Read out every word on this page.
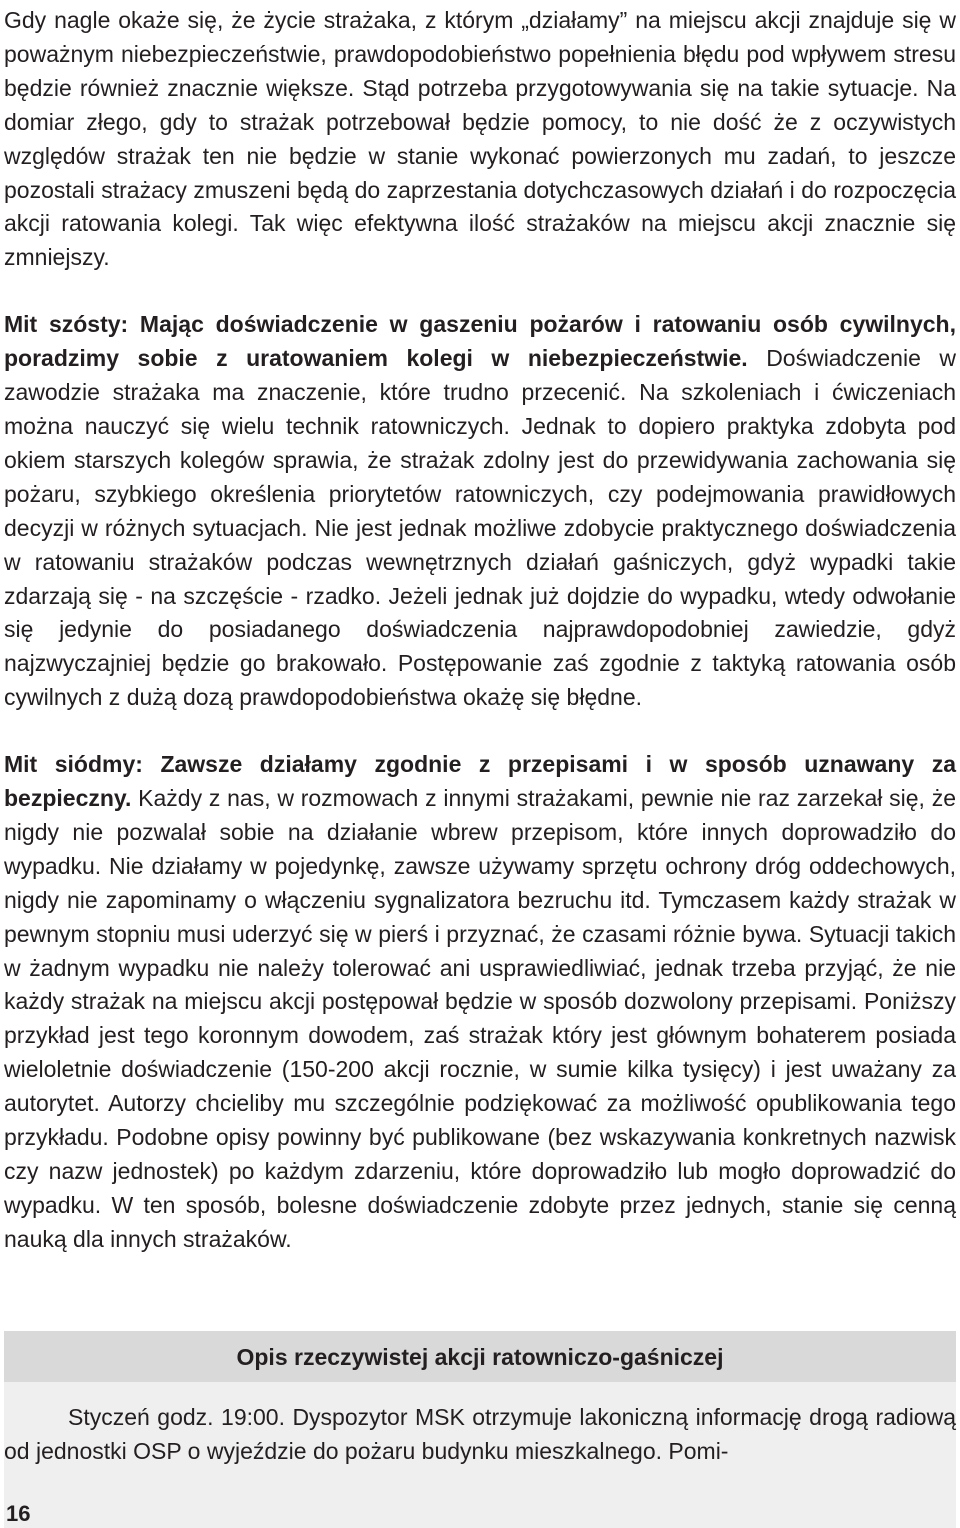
Gdy nagle okaże się, że życie strażaka, z którym „działamy” na miejscu akcji znajduje się w poważnym niebezpieczeństwie, prawdopodobieństwo popełnienia błędu pod wpływem stresu będzie również znacznie większe. Stąd potrzeba przygotowywania się na takie sytuacje. Na domiar złego, gdy to strażak potrzebował będzie pomocy, to nie dość że z oczywistych względów strażak ten nie będzie w stanie wykonać powierzonych mu zadań, to jeszcze pozostali strażacy zmuszeni będą do zaprzestania dotychczasowych działań i do rozpoczęcia akcji ratowania kolegi. Tak więc efektywna ilość strażaków na miejscu akcji znacznie się zmniejszy.

Mit szósty: Mając doświadczenie w gaszeniu pożarów i ratowaniu osób cywilnych, poradzimy sobie z uratowaniem kolegi w niebezpieczeństwie. Doświadczenie w zawodzie strażaka ma znaczenie, które trudno przecenić. Na szkoleniach i ćwiczeniach można nauczyć się wielu technik ratowniczych. Jednak to dopiero praktyka zdobyta pod okiem starszych kolegów sprawia, że strażak zdolny jest do przewidywania zachowania się pożaru, szybkiego określenia priorytetów ratowniczych, czy podejmowania prawidłowych decyzji w różnych sytuacjach. Nie jest jednak możliwe zdobycie praktycznego doświadczenia w ratowaniu strażaków podczas wewnętrznych działań gaśniczych, gdyż wypadki takie zdarzają się - na szczęście - rzadko. Jeżeli jednak już dojdzie do wypadku, wtedy odwołanie się jedynie do posiadanego doświadczenia najprawdopodobniej zawiedzie, gdyż najzwyczajniej będzie go brakowało. Postępowanie zaś zgodnie z taktyką ratowania osób cywilnych z dużą dozą prawdopodobieństwa okażę się błędne.

Mit siódmy: Zawsze działamy zgodnie z przepisami i w sposób uznawany za bezpieczny. Każdy z nas, w rozmowach z innymi strażakami, pewnie nie raz zarzekał się, że nigdy nie pozwalał sobie na działanie wbrew przepisom, które innych doprowadziło do wypadku. Nie działamy w pojedynkę, zawsze używamy sprzętu ochrony dróg oddechowych, nigdy nie zapominamy o włączeniu sygnalizatora bezruchu itd. Tymczasem każdy strażak w pewnym stopniu musi uderzyć się w pierś i przyznać, że czasami różnie bywa. Sytuacji takich w żadnym wypadku nie należy tolerować ani usprawiedliwiać, jednak trzeba przyjąć, że nie każdy strażak na miejscu akcji postępował będzie w sposób dozwolony przepisami. Poniższy przykład jest tego koronnym dowodem, zaś strażak który jest głównym bohaterem posiada wieloletnie doświadczenie (150-200 akcji rocznie, w sumie kilka tysięcy) i jest uważany za autorytet. Autorzy chcieliby mu szczególnie podziękować za możliwość opublikowania tego przykładu. Podobne opisy powinny być publikowane (bez wskazywania konkretnych nazwisk czy nazw jednostek) po każdym zdarzeniu, które doprowadziło lub mogło doprowadzić do wypadku. W ten sposób, bolesne doświadczenie zdobyte przez jednych, stanie się cenną nauką dla innych strażaków.

Opis rzeczywistej akcji ratowniczo-gaśniczej
Styczeń godz. 19:00. Dyspozytor MSK otrzymuje lakoniczną informację drogą radiową od jednostki OSP o wyjeździe do pożaru budynku mieszkalnego. Pomi-
16
